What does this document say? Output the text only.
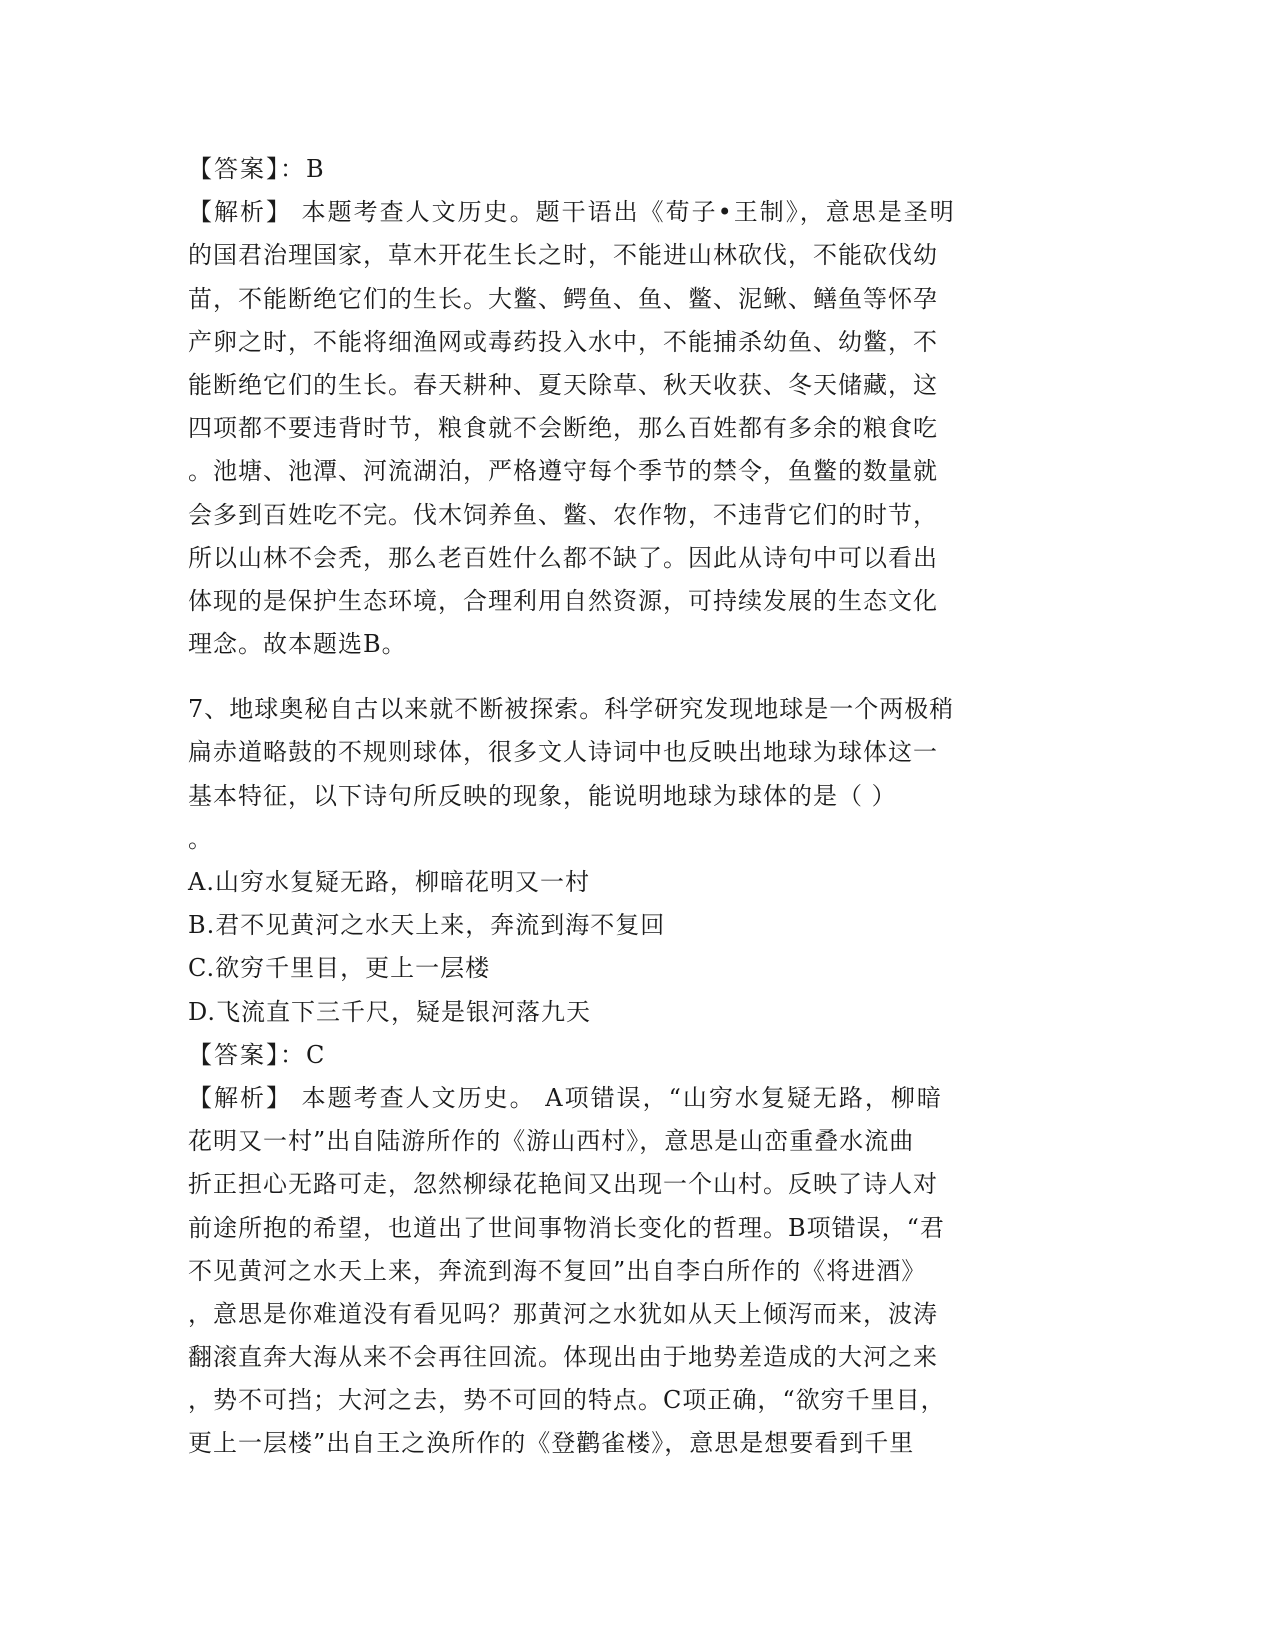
【答案】：B
【解析】 本题考查人文历史。题干语出《荀子•王制》，意思是圣明
的国君治理国家，草木开花生长之时，不能进山林砍伐，不能砍伐幼
苗，不能断绝它们的生长。大鳖、鳄鱼、鱼、鳖、泥鳅、鳝鱼等怀孕
产卵之时，不能将细渔网或毒药投入水中，不能捕杀幼鱼、幼鳖，不
能断绝它们的生长。春天耕种、夏天除草、秋天收获、冬天储藏，这
四项都不要违背时节，粮食就不会断绝，那么百姓都有多余的粮食吃
。池塘、池潭、河流湖泊，严格遵守每个季节的禁令，鱼鳖的数量就
会多到百姓吃不完。伐木饲养鱼、鳖、农作物，不违背它们的时节，
所以山林不会秃，那么老百姓什么都不缺了。因此从诗句中可以看出
体现的是保护生态环境，合理利用自然资源，可持续发展的生态文化
理念。故本题选B。
7、地球奥秘自古以来就不断被探索。科学研究发现地球是一个两极稍
扁赤道略鼓的不规则球体，很多文人诗词中也反映出地球为球体这一
基本特征，以下诗句所反映的现象，能说明地球为球体的是（ ）
。
A.山穷水复疑无路，柳暗花明又一村
B.君不见黄河之水天上来，奔流到海不复回
C.欲穷千里目，更上一层楼
D.飞流直下三千尺，疑是银河落九天
【答案】：C
【解析】 本题考查人文历史。 A项错误，“山穷水复疑无路，柳暗
花明又一村”出自陆游所作的《游山西村》，意思是山峦重叠水流曲
折正担心无路可走，忽然柳绿花艳间又出现一个山村。反映了诗人对
前途所抱的希望，也道出了世间事物消长变化的哲理。B项错误，“君
不见黄河之水天上来，奔流到海不复回”出自李白所作的《将进酒》
，意思是你难道没有看见吗？那黄河之水犹如从天上倾泻而来，波涛
翻滚直奔大海从来不会再往回流。体现出由于地势差造成的大河之来
，势不可挡；大河之去，势不可回的特点。C项正确，“欲穷千里目，
更上一层楼”出自王之涣所作的《登鹳雀楼》，意思是想要看到千里
